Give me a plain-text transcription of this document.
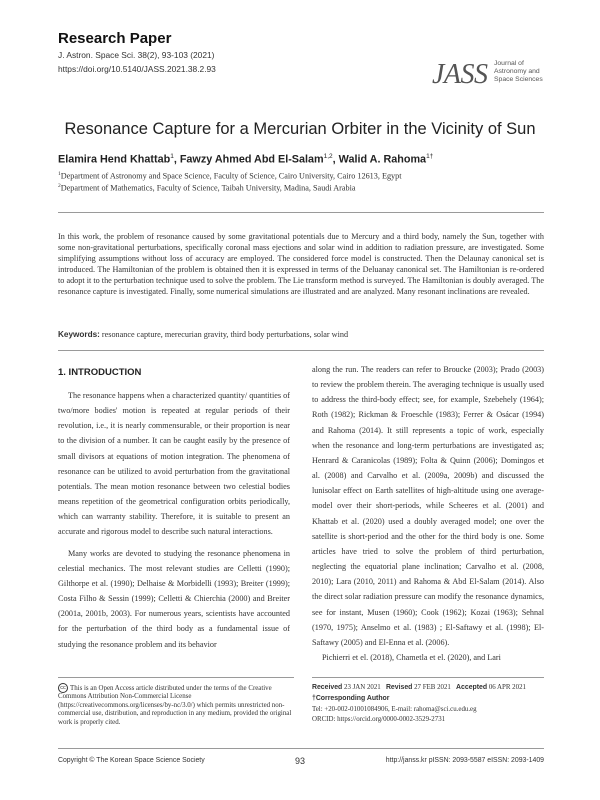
Research Paper
J. Astron. Space Sci. 38(2), 93-103 (2021)
https://doi.org/10.5140/JASS.2021.38.2.93	JASS Journal of
Astronomy and
Space Sciences
Resonance Capture for a Mercurian Orbiter in the Vicinity of Sun
Elamira Hend Khattab$^1$, Fawzy Ahmed Abd El-Salam$^{1,2}$, Walid A. Rahoma$^{1\dagger}$
$^1$Department of Astronomy and Space Science, Faculty of Science, Cairo University, Cairo 12613, Egypt
$^2$Department of Mathematics, Faculty of Science, Taibah University, Madina, Saudi Arabia
In this work, the problem of resonance caused by some gravitational potentials due to Mercury and a third body, namely the Sun, together with some non-gravitational perturbations, specifically coronal mass ejections and solar wind in addition to radiation pressure, are investigated. Some simplifying assumptions without loss of accuracy are employed. The considered force model is constructed. Then the Delaunay canonical set is introduced. The Hamiltonian of the problem is obtained then it is expressed in terms of the Deluanay canonical set. The Hamiltonian is re-ordered to adopt it to the perturbation technique used to solve the problem. The Lie transform method is surveyed. The Hamiltonian is doubly averaged. The resonance capture is investigated. Finally, some numerical simulations are illustrated and are analyzed. Many resonant inclinations are revealed.
Keywords: resonance capture, merecurian gravity, third body perturbations, solar wind
1. INTRODUCTION

The resonance happens when a characterized quantity/ quantities of two/more bodies' motion is repeated at regular periods of their revolution, i.e., it is nearly commensurable, or their proportion is near to the division of a number. It can be caught easily by the presence of small divisors at equations of motion integration. The phenomena of resonance can be utilized to avoid perturbation from the gravitational potentials. The mean motion resonance between two celestial bodies means repetition of the geometrical configuration orbits periodically, which can warranty stability. Therefore, it is suitable to present an accurate and rigorous model to describe such natural interactions.

Many works are devoted to studying the resonance phenomena in celestial mechanics. The most relevant studies are Celletti (1990); Gilthorpe et al. (1990); Delhaise & Morbidelli (1993); Breiter (1999); Costa Filho & Sessin (1999); Celletti & Chierchia (2000) and Breiter (2001a, 2001b, 2003). For numerous years, scientists have accounted for the perturbation of the third body as a fundamental issue of studying the resonance problem and its behavior

along the run. The readers can refer to Broucke (2003); Prado (2003) to review the problem therein. The averaging technique is usually used to address the third-body effect; see, for example, Szebehely (1964); Roth (1982); Rickman & Froeschle (1983); Ferrer & Osácar (1994) and Rahoma (2014). It still represents a topic of work, especially when the resonance and long-term perturbations are investigated as; Henrard & Caranicolas (1989); Folta & Quinn (2006); Domingos et al. (2008) and Carvalho et al. (2009a, 2009b) and discussed the lunisolar effect on Earth satellites of high-altitude using one average-model over their short-periods, while Scheeres et al. (2001) and Khattab et al. (2020) used a doubly averaged model; one over the satellite is short-period and the other for the third body is one. Some articles have tried to solve the problem of third perturbation, neglecting the equatorial plane inclination; Carvalho et al. (2008, 2010); Lara (2010, 2011) and Rahoma & Abd El-Salam (2014). Also the direct solar radiation pressure can modify the resonance dynamics, see for instant, Musen (1960); Cook (1962); Kozai (1963); Sehnal (1970, 1975); Anselmo et al. (1983) ; El-Saftawy et al. (1998); El-Saftawy (2005) and El-Enna et al. (2006).

Pichierri et el. (2018), Chametla et el. (2020), and Lari

cc This is an Open Access article distributed under the terms of the Creative Commons Attribution Non-Commercial License (https://creativecommons.org/licenses/by-nc/3.0/) which permits unrestricted non-commercial use, distribution, and reproduction in any medium, provided the original work is properly cited.
Received 23 JAN 2021 Revised 27 FEB 2021 Accepted 06 APR 2021
†Corresponding Author
Tel: +20-002-01001084906, E-mail: rahoma@sci.cu.edu.eg
ORCID: https://orcid.org/0000-0002-3529-2731
Copyright © The Korean Space Science Society	93	http://janss.kr pISSN: 2093-5587 eISSN: 2093-1409
